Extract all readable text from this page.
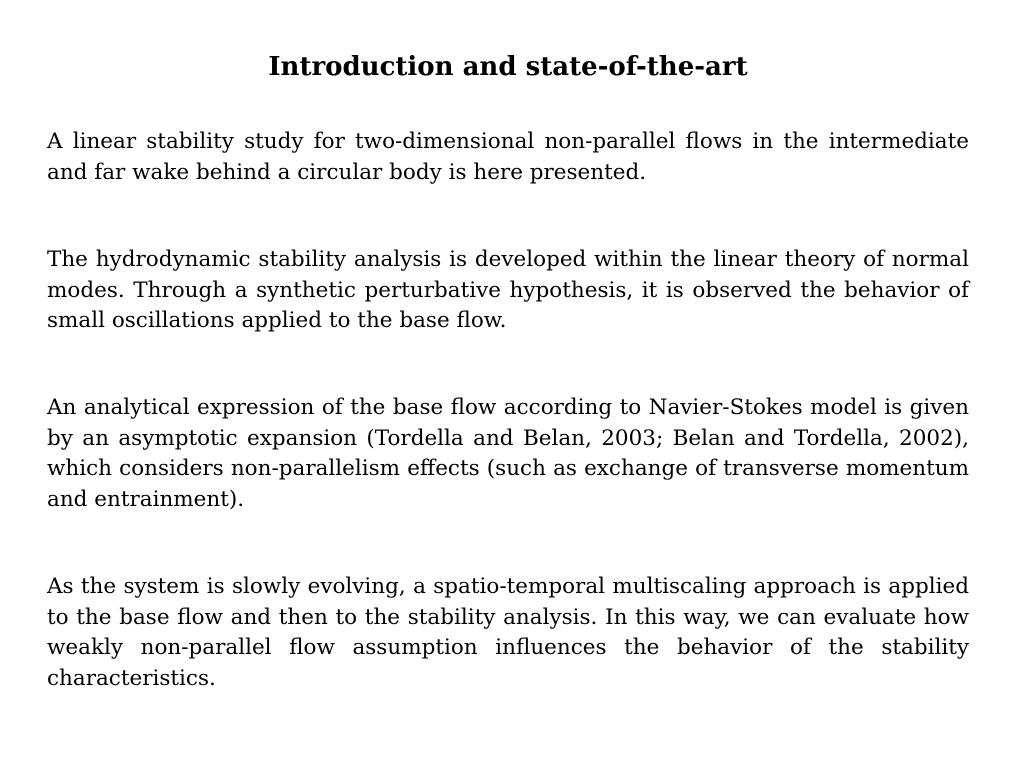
Introduction and state-of-the-art

A linear stability study for two-dimensional non-parallel flows in the intermediate and far wake behind a circular body is here presented.

The hydrodynamic stability analysis is developed within the linear theory of normal modes. Through a synthetic perturbative hypothesis, it is observed the behavior of small oscillations applied to the base flow.

An analytical expression of the base flow according to Navier-Stokes model is given by an asymptotic expansion (Tordella and Belan, 2003; Belan and Tordella, 2002), which considers non-parallelism effects (such as exchange of transverse momentum and entrainment).

As the system is slowly evolving, a spatio-temporal multiscaling approach is applied to the base flow and then to the stability analysis. In this way, we can evaluate how weakly non-parallel flow assumption influences the behavior of the stability characteristics.
